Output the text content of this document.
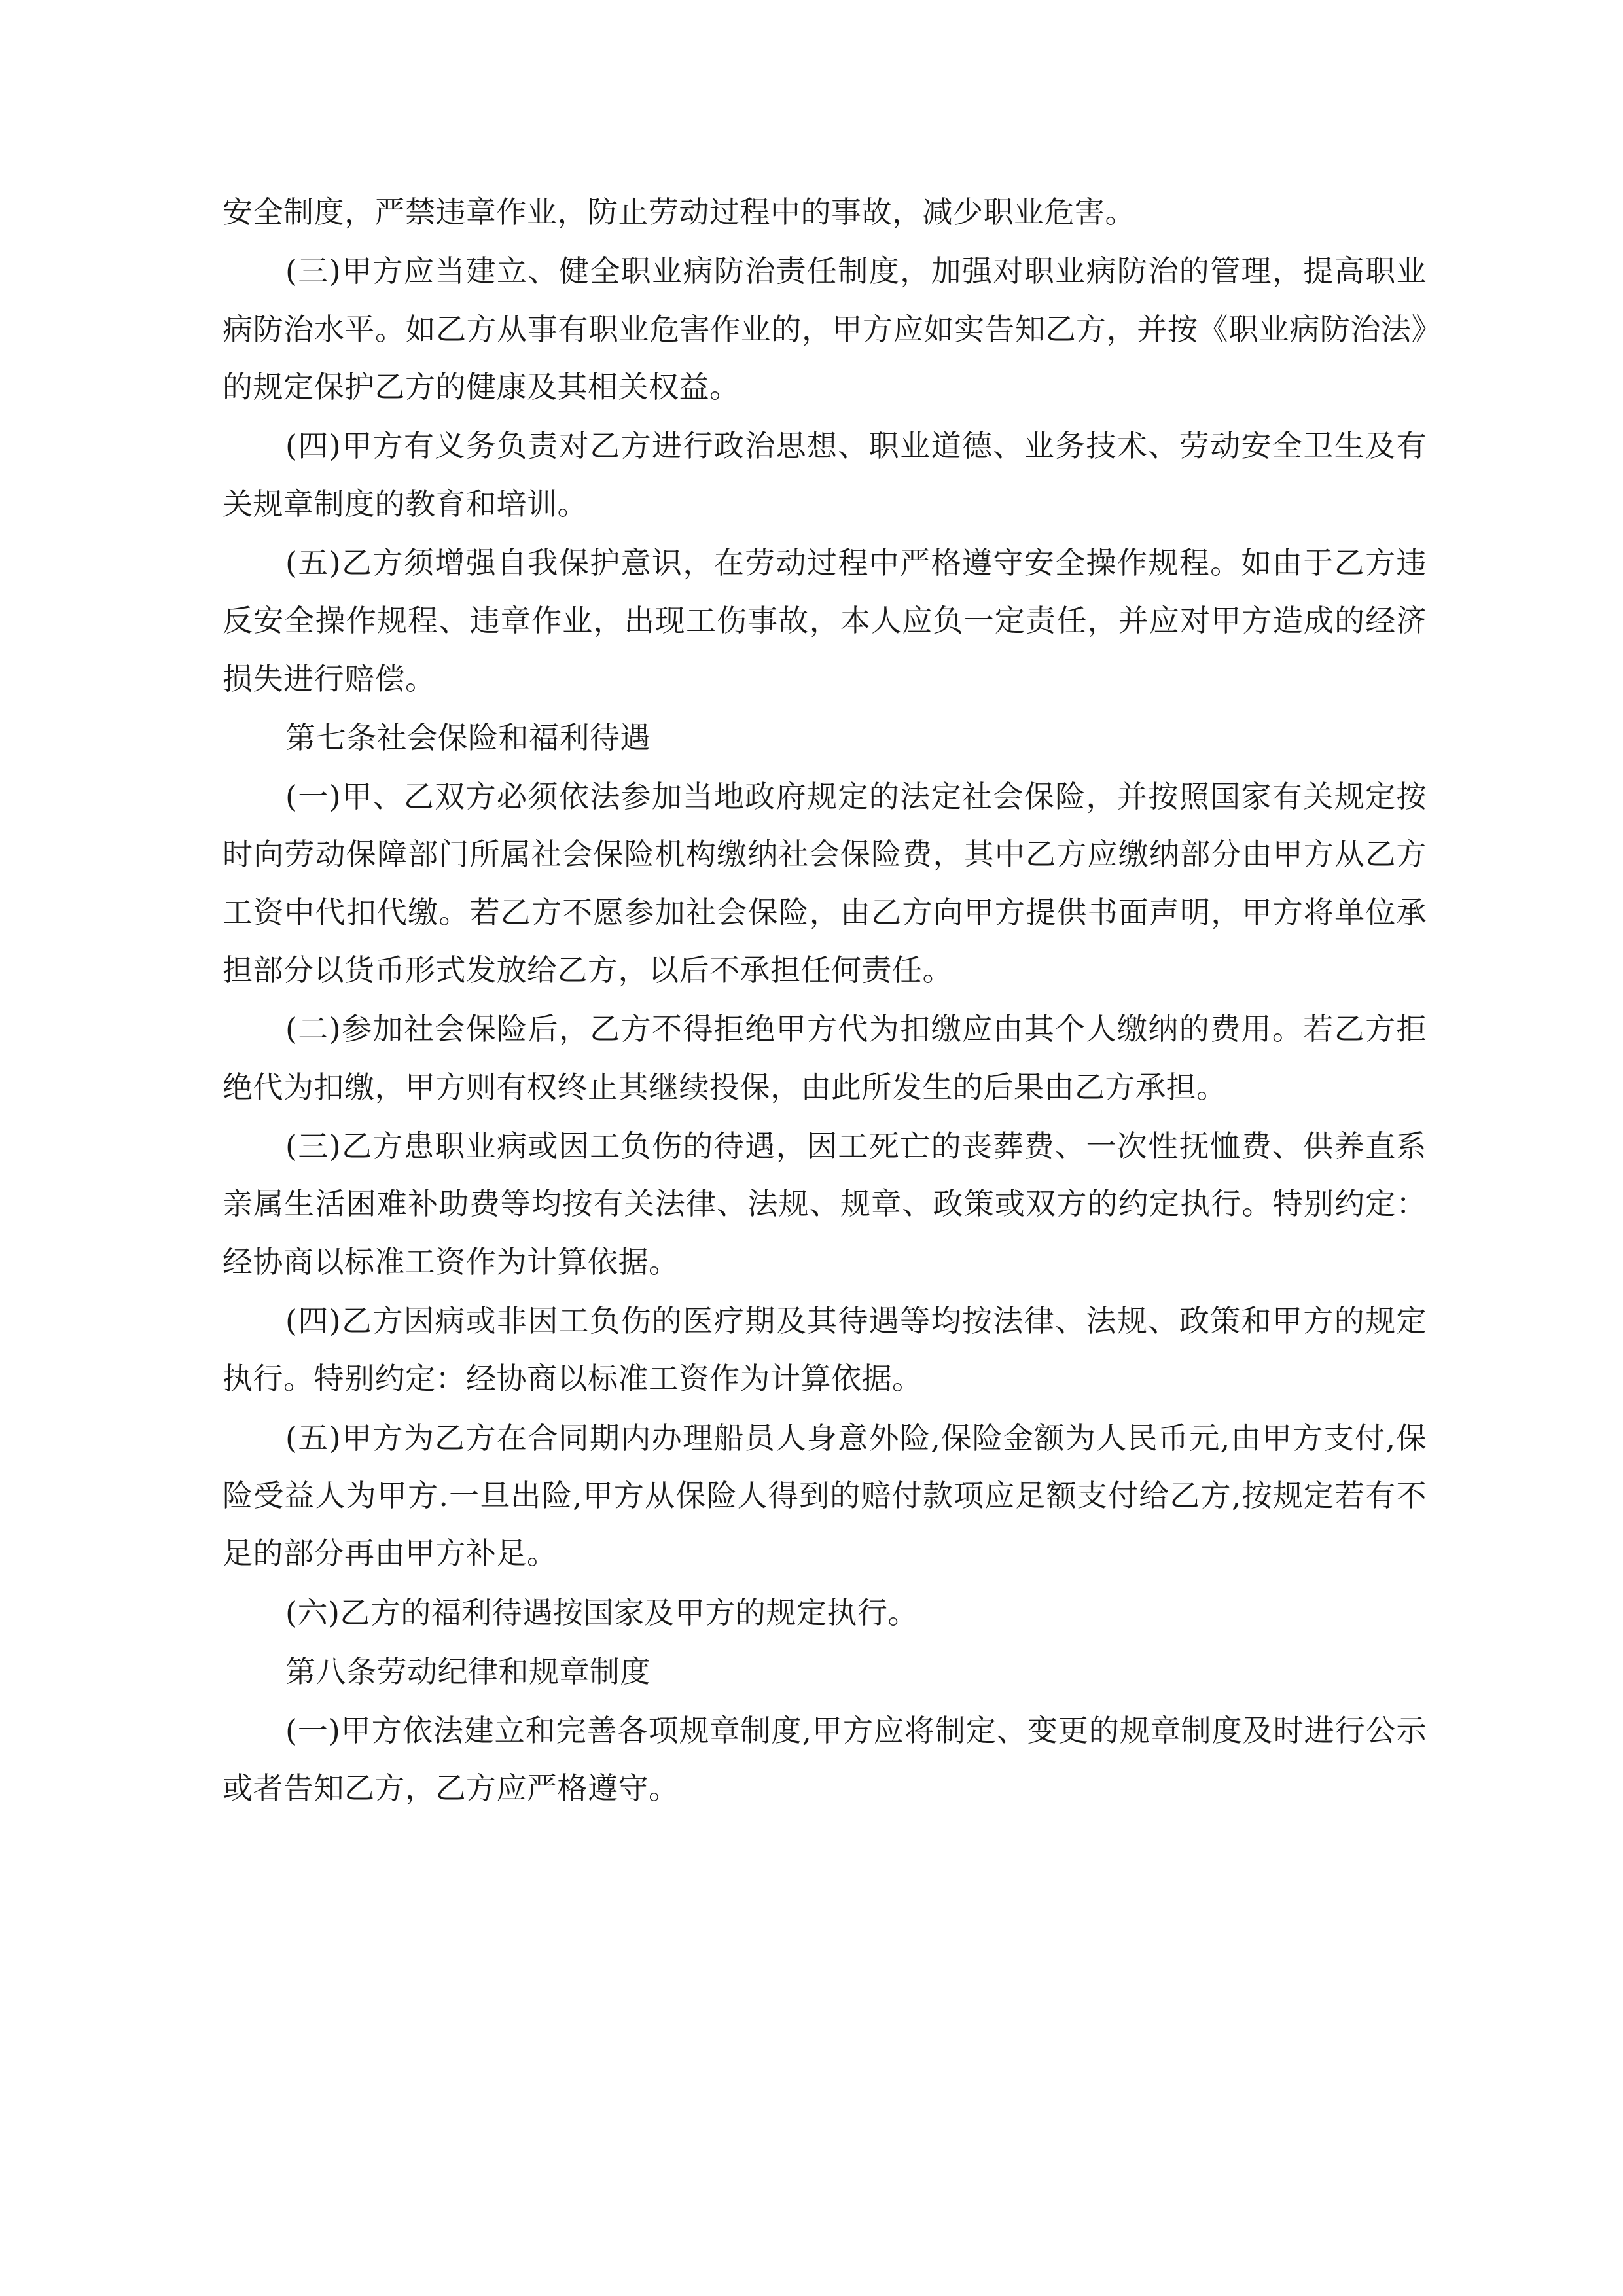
安全制度，严禁违章作业，防止劳动过程中的事故，减少职业危害。

(三)甲方应当建立、健全职业病防治责任制度，加强对职业病防治的管理，提高职业病防治水平。如乙方从事有职业危害作业的，甲方应如实告知乙方，并按《职业病防治法》的规定保护乙方的健康及其相关权益。

(四)甲方有义务负责对乙方进行政治思想、职业道德、业务技术、劳动安全卫生及有关规章制度的教育和培训。

(五)乙方须增强自我保护意识，在劳动过程中严格遵守安全操作规程。如由于乙方违反安全操作规程、违章作业，出现工伤事故，本人应负一定责任，并应对甲方造成的经济损失进行赔偿。

第七条社会保险和福利待遇

(一)甲、乙双方必须依法参加当地政府规定的法定社会保险，并按照国家有关规定按时向劳动保障部门所属社会保险机构缴纳社会保险费，其中乙方应缴纳部分由甲方从乙方工资中代扣代缴。若乙方不愿参加社会保险，由乙方向甲方提供书面声明，甲方将单位承担部分以货币形式发放给乙方，以后不承担任何责任。

(二)参加社会保险后，乙方不得拒绝甲方代为扣缴应由其个人缴纳的费用。若乙方拒绝代为扣缴，甲方则有权终止其继续投保，由此所发生的后果由乙方承担。

(三)乙方患职业病或因工负伤的待遇，因工死亡的丧葬费、一次性抚恤费、供养直系亲属生活困难补助费等均按有关法律、法规、规章、政策或双方的约定执行。特别约定：经协商以标准工资作为计算依据。

(四)乙方因病或非因工负伤的医疗期及其待遇等均按法律、法规、政策和甲方的规定执行。特别约定：经协商以标准工资作为计算依据。

(五)甲方为乙方在合同期内办理船员人身意外险,保险金额为人民币元,由甲方支付,保险受益人为甲方.一旦出险,甲方从保险人得到的赔付款项应足额支付给乙方,按规定若有不足的部分再由甲方补足。

(六)乙方的福利待遇按国家及甲方的规定执行。

第八条劳动纪律和规章制度

(一)甲方依法建立和完善各项规章制度,甲方应将制定、变更的规章制度及时进行公示或者告知乙方，乙方应严格遵守。
